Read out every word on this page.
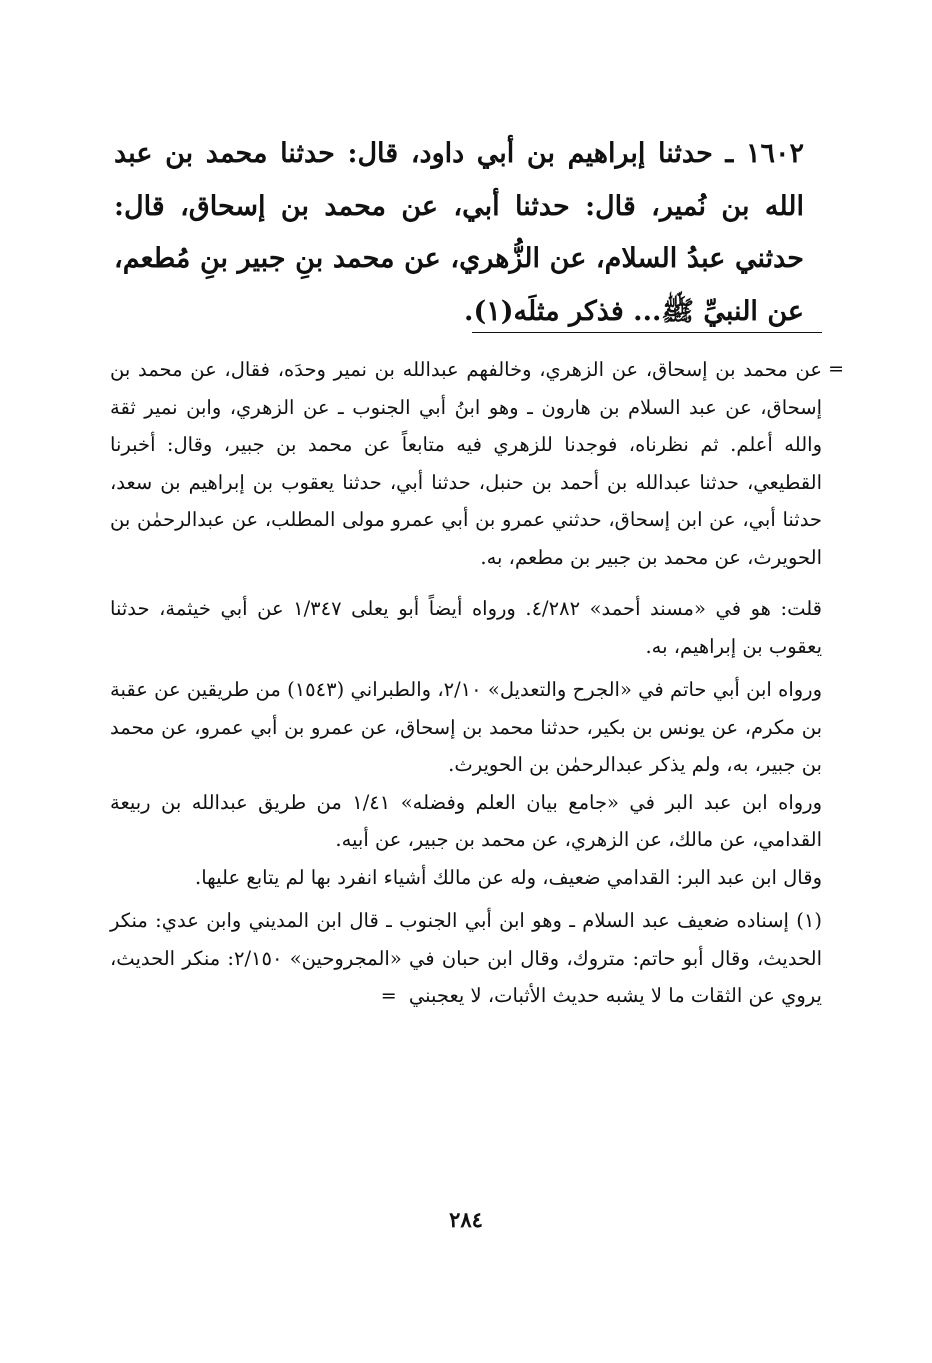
١٦٠٢ ـ حدثنا إبراهيم بن أبي داود، قال: حدثنا محمد بن عبد الله بن نُمير، قال: حدثنا أبي، عن محمد بن إسحاق، قال: حدثني عبدُ السلام، عن الزُّهري، عن محمد بنِ جبير بنِ مُطعم، عن النبيِّ ﷺ... فذكر مثلَه(١).

=
عن محمد بن إسحاق، عن الزهري، وخالفهم عبدالله بن نمير وحدَه، فقال، عن محمد بن إسحاق، عن عبد السلام بن هارون ـ وهو ابنُ أبي الجنوب ـ عن الزهري، وابن نمير ثقة والله أعلم. ثم نظرناه، فوجدنا للزهري فيه متابعاً عن محمد بن جبير، وقال: أخبرنا القطيعي، حدثنا عبدالله بن أحمد بن حنبل، حدثنا أبي، حدثنا يعقوب بن إبراهيم بن سعد، حدثنا أبي، عن ابن إسحاق، حدثني عمرو بن أبي عمرو مولى المطلب، عن عبدالرحمٰن بن الحويرث، عن محمد بن جبير بن مطعم، به.

قلت: هو في «مسند أحمد» ٤/٢٨٢. ورواه أيضاً أبو يعلى ١/٣٤٧ عن أبي خيثمة، حدثنا يعقوب بن إبراهيم، به.

ورواه ابن أبي حاتم في «الجرح والتعديل» ٢/١٠، والطبراني (١٥٤٣) من طريقين عن عقبة بن مكرم، عن يونس بن بكير، حدثنا محمد بن إسحاق، عن عمرو بن أبي عمرو، عن محمد بن جبير، به، ولم يذكر عبدالرحمٰن بن الحويرث.

ورواه ابن عبد البر في «جامع بيان العلم وفضله» ١/٤١ من طريق عبدالله بن ربيعة القدامي، عن مالك، عن الزهري، عن محمد بن جبير، عن أبيه.

وقال ابن عبد البر: القدامي ضعيف، وله عن مالك أشياء انفرد بها لم يتابع عليها.

(١) إسناده ضعيف عبد السلام ـ وهو ابن أبي الجنوب ـ قال ابن المديني وابن عدي: منكر الحديث، وقال أبو حاتم: متروك، وقال ابن حبان في «المجروحين» ٢/١٥٠: منكر الحديث، يروي عن الثقات ما لا يشبه حديث الأثبات، لا يعجبني =

٢٨٤
